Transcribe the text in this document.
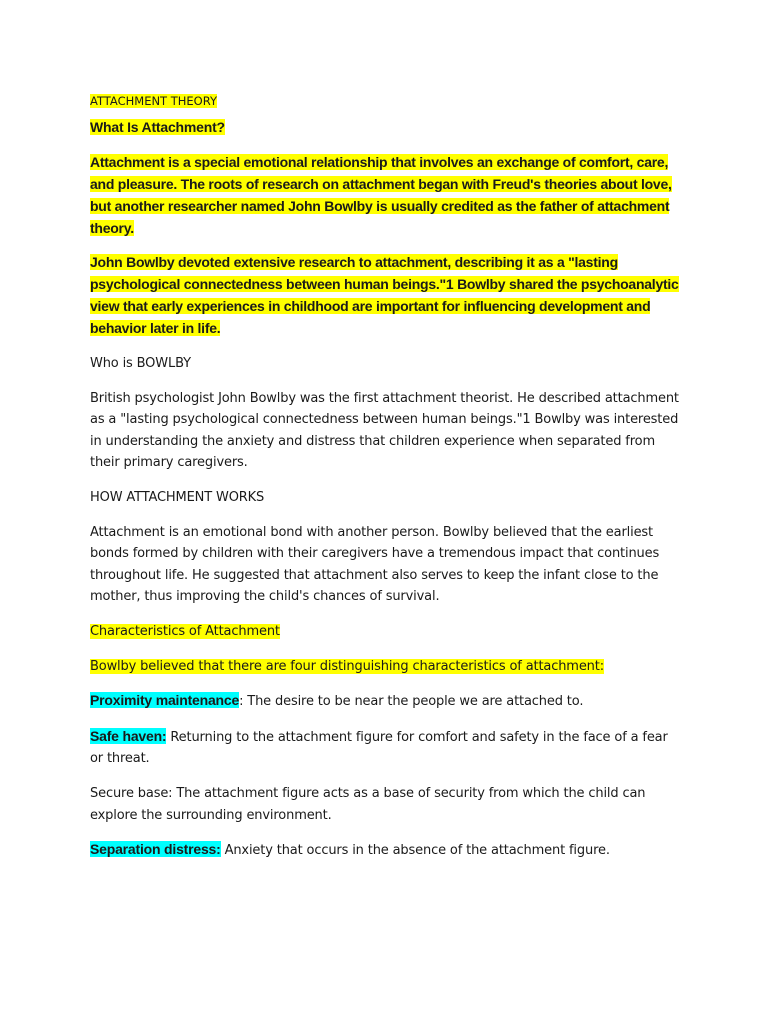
ATTACHMENT THEORY

What Is Attachment?

Attachment is a special emotional relationship that involves an exchange of comfort, care, and pleasure. The roots of research on attachment began with Freud's theories about love, but another researcher named John Bowlby is usually credited as the father of attachment theory.

John Bowlby devoted extensive research to attachment, describing it as a "lasting psychological connectedness between human beings."1 Bowlby shared the psychoanalytic view that early experiences in childhood are important for influencing development and behavior later in life.

Who is BOWLBY

British psychologist John Bowlby was the first attachment theorist. He described attachment as a "lasting psychological connectedness between human beings."1 Bowlby was interested in understanding the anxiety and distress that children experience when separated from their primary caregivers.

HOW ATTACHMENT WORKS

Attachment is an emotional bond with another person. Bowlby believed that the earliest bonds formed by children with their caregivers have a tremendous impact that continues throughout life. He suggested that attachment also serves to keep the infant close to the mother, thus improving the child's chances of survival.

Characteristics of Attachment

Bowlby believed that there are four distinguishing characteristics of attachment:

Proximity maintenance: The desire to be near the people we are attached to.

Safe haven: Returning to the attachment figure for comfort and safety in the face of a fear or threat.

Secure base: The attachment figure acts as a base of security from which the child can explore the surrounding environment.

Separation distress: Anxiety that occurs in the absence of the attachment figure.
